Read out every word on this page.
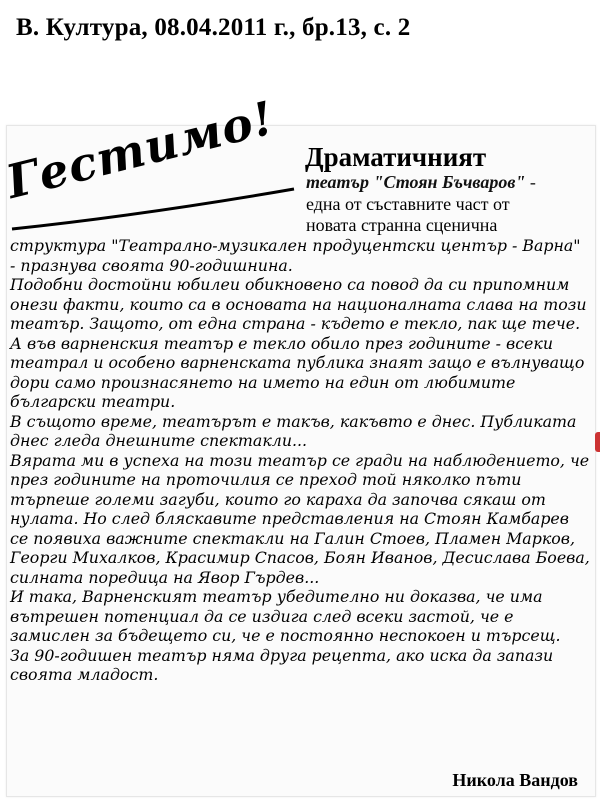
В. Култура, 08.04.2011 г., бр.13, с. 2
Гестимо! Драматичният
театър "Стоян Бъчваров" -
една от съставните част от
новата странна сценична

структура "Театрално-музикален продуцентски център - Варна" - празнува своята 90-годишнина.

Подобни достойни юбилеи обикновено са повод да си припомним онези факти, които са в основата на националната слава на този театър. Защото, от една страна - където е текло, пак ще тече. А във варненския театър е текло обило през годините - всеки театрал и особено варненската публика знаят защо е вълнуващо дори само произнасянето на името на един от любимите български театри.

В същото време, театърът е такъв, какъвто е днес. Публиката днес гледа днешните спектакли...

Вярата ми в успеха на този театър се гради на наблюдението, че през годините на проточилия се преход той няколко пъти търпеше големи загуби, които го караха да започва сякаш от нулата. Но след бляскавите представления на Стоян Камбарев се появиха важните спектакли на Галин Стоев, Пламен Марков, Георги Михалков, Красимир Спасов, Боян Иванов, Десислава Боева, силната поредица на Явор Гърдев...

И така, Варненският театър убедително ни доказва, че има вътрешен потенциал да се издига след всеки застой, че е замислен за бъдещето си, че е постоянно неспокоен и търсещ.

За 90-годишен театър няма друга рецепта, ако иска да запази своята младост.

Никола Вандов
